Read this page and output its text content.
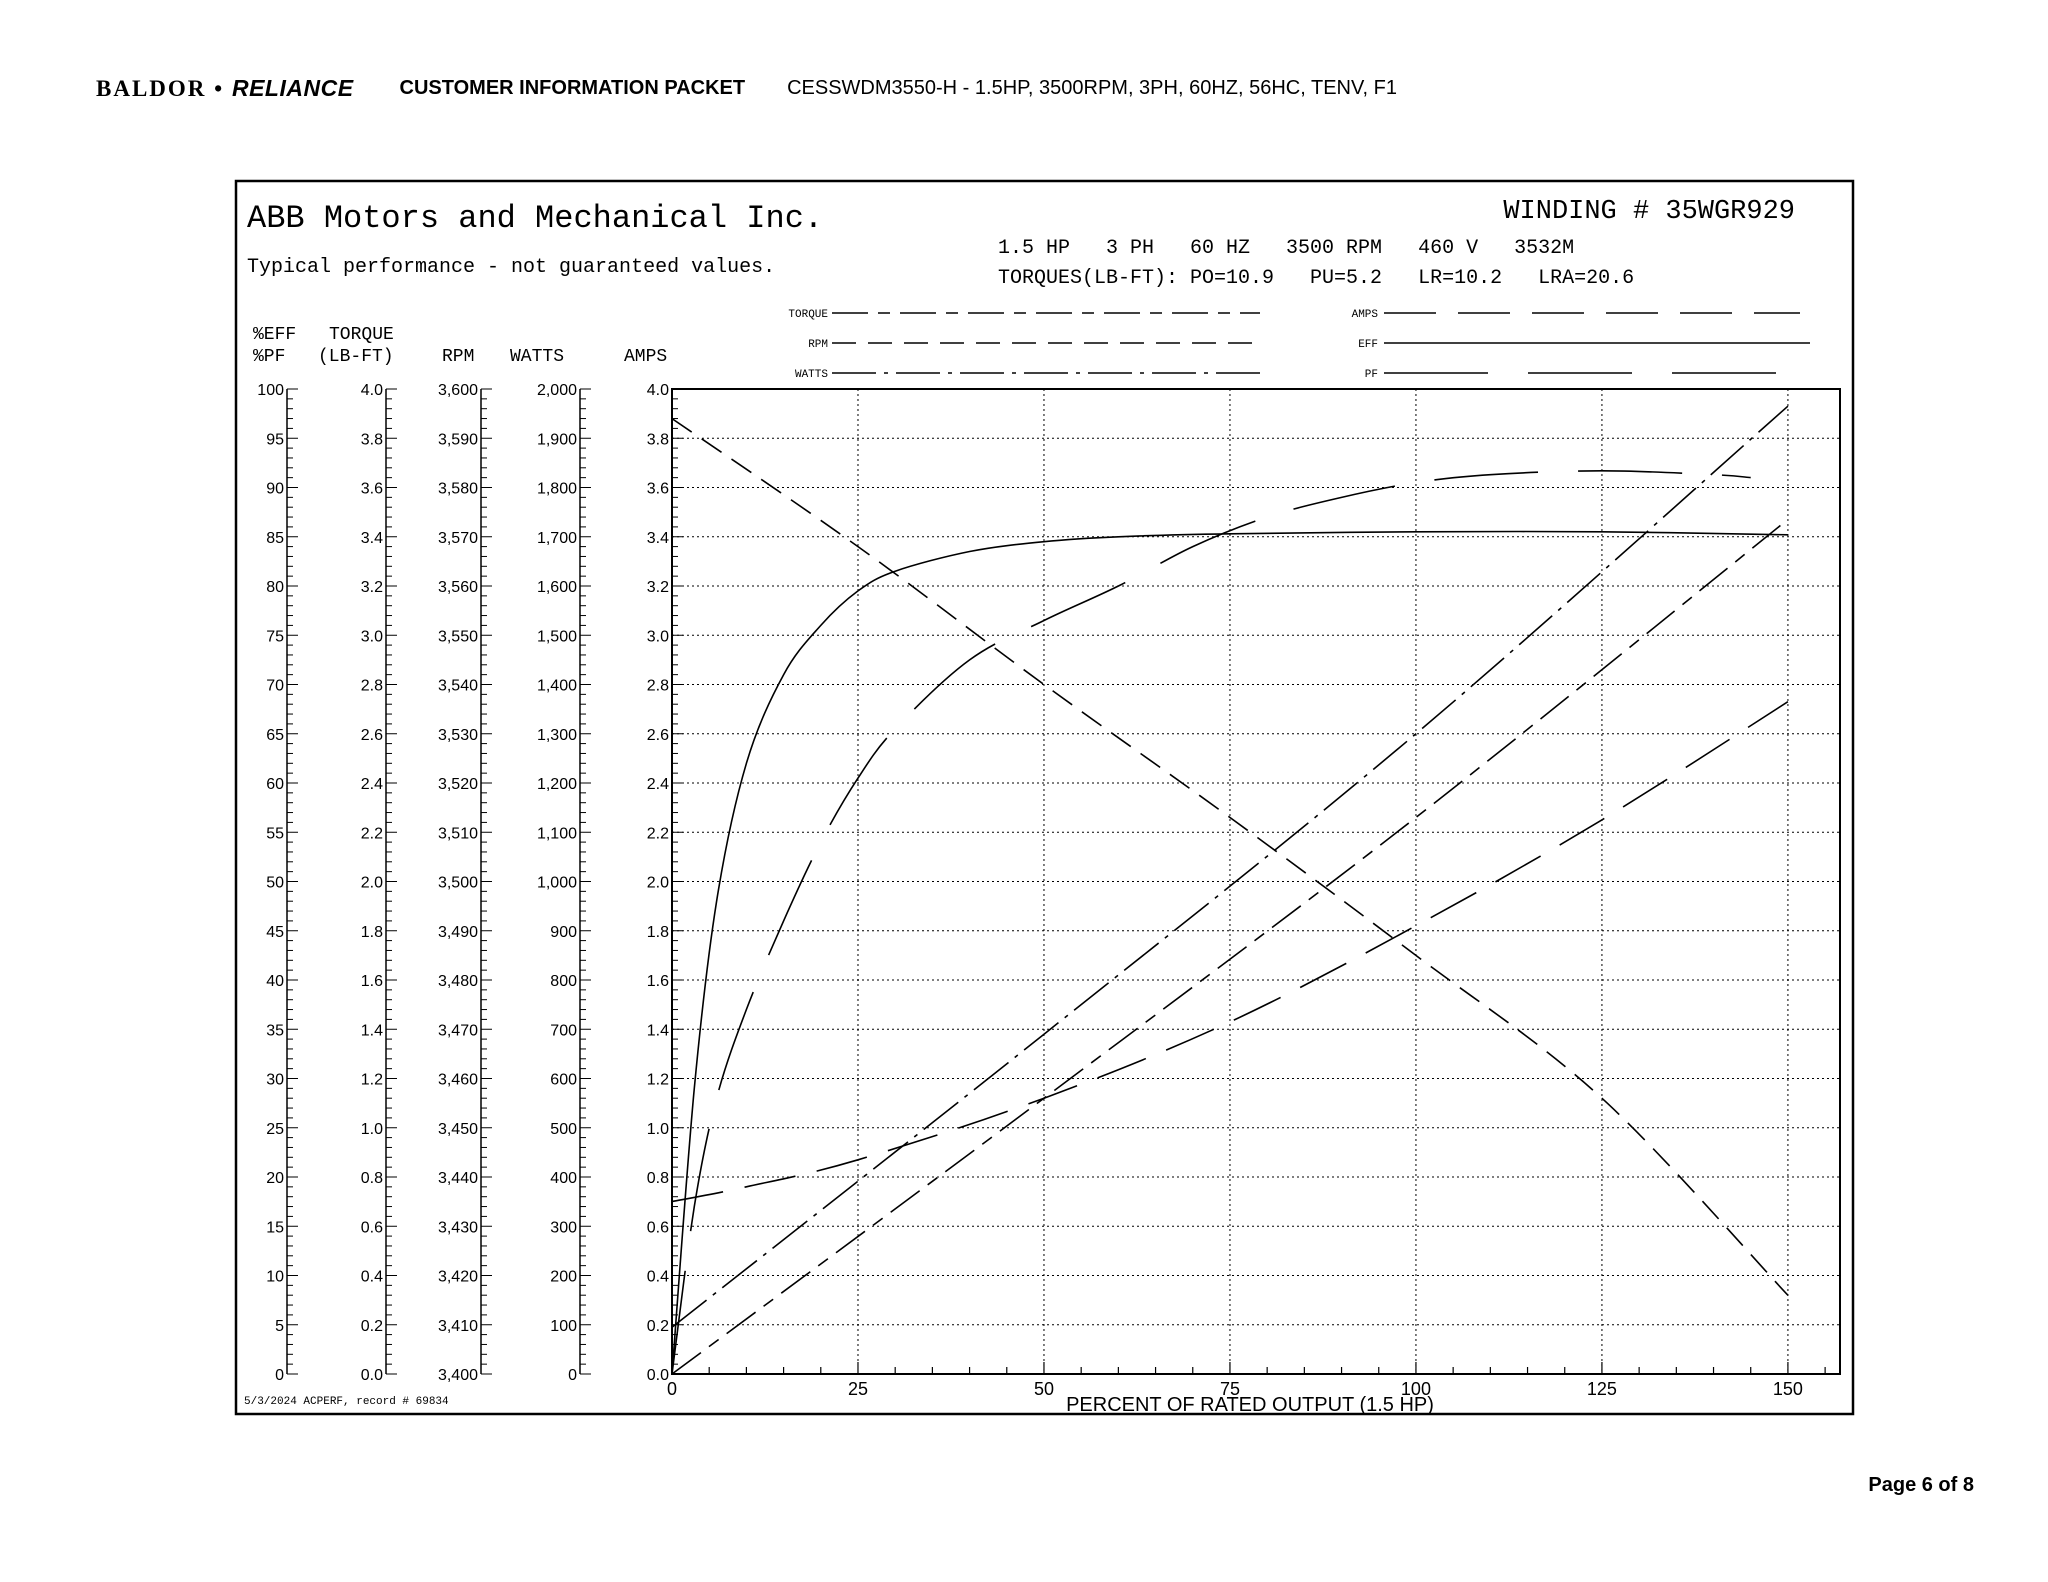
BALDOR • RELIANCE CUSTOMER INFORMATION PACKET CESSWDM3550-H - 1.5HP, 3500RPM, 3PH, 60HZ, 56HC, TENV, F1
ABB Motors and Mechanical Inc.
Typical performance - not guaranteed values.
WINDING # 35WGR929
1.5 HP   3 PH   60 HZ   3500 RPM   460 V   3532M
TORQUES(LB-FT): PO=10.9   PU=5.2   LR=10.2   LRA=20.6
5/3/2024 ACPERF, record # 69834
%EFF
%PF
TORQUE
(LB-FT)	RPM WATTS	AMPS
PERCENT OF RATED OUTPUT (1.5 HP)
TORQUE
RPM
WATTS
AMPS
EFF
PF
0
5
10
15
20
25
30
35
40
45
50
55
60
65
70
75
80
85
90
95
100
0.0
0.2
0.4
0.6
0.8
1.0
1.2
1.4
1.6
1.8
2.0
2.2
2.4
2.6
2.8
3.0
3.2
3.4
3.6
3.8
4.0
3,400
3,410
3,420
3,430
3,440
3,450
3,460
3,470
3,480
3,490
3,500
3,510
3,520
3,530
3,540
3,550
3,560
3,570
3,580
3,590
3,600
0
100
200
300
400
500
600
700
800
900
1,000
1,100
1,200
1,300
1,400
1,500
1,600
1,700
1,800
1,900
2,000
0.0
0.2
0.4
0.6
0.8
1.0
1.2
1.4
1.6
1.8
2.0
2.2
2.4
2.6
2.8
3.0
3.2
3.4
3.6
3.8
4.0
0	25	50	75	100	125	150
Page 6 of 8
